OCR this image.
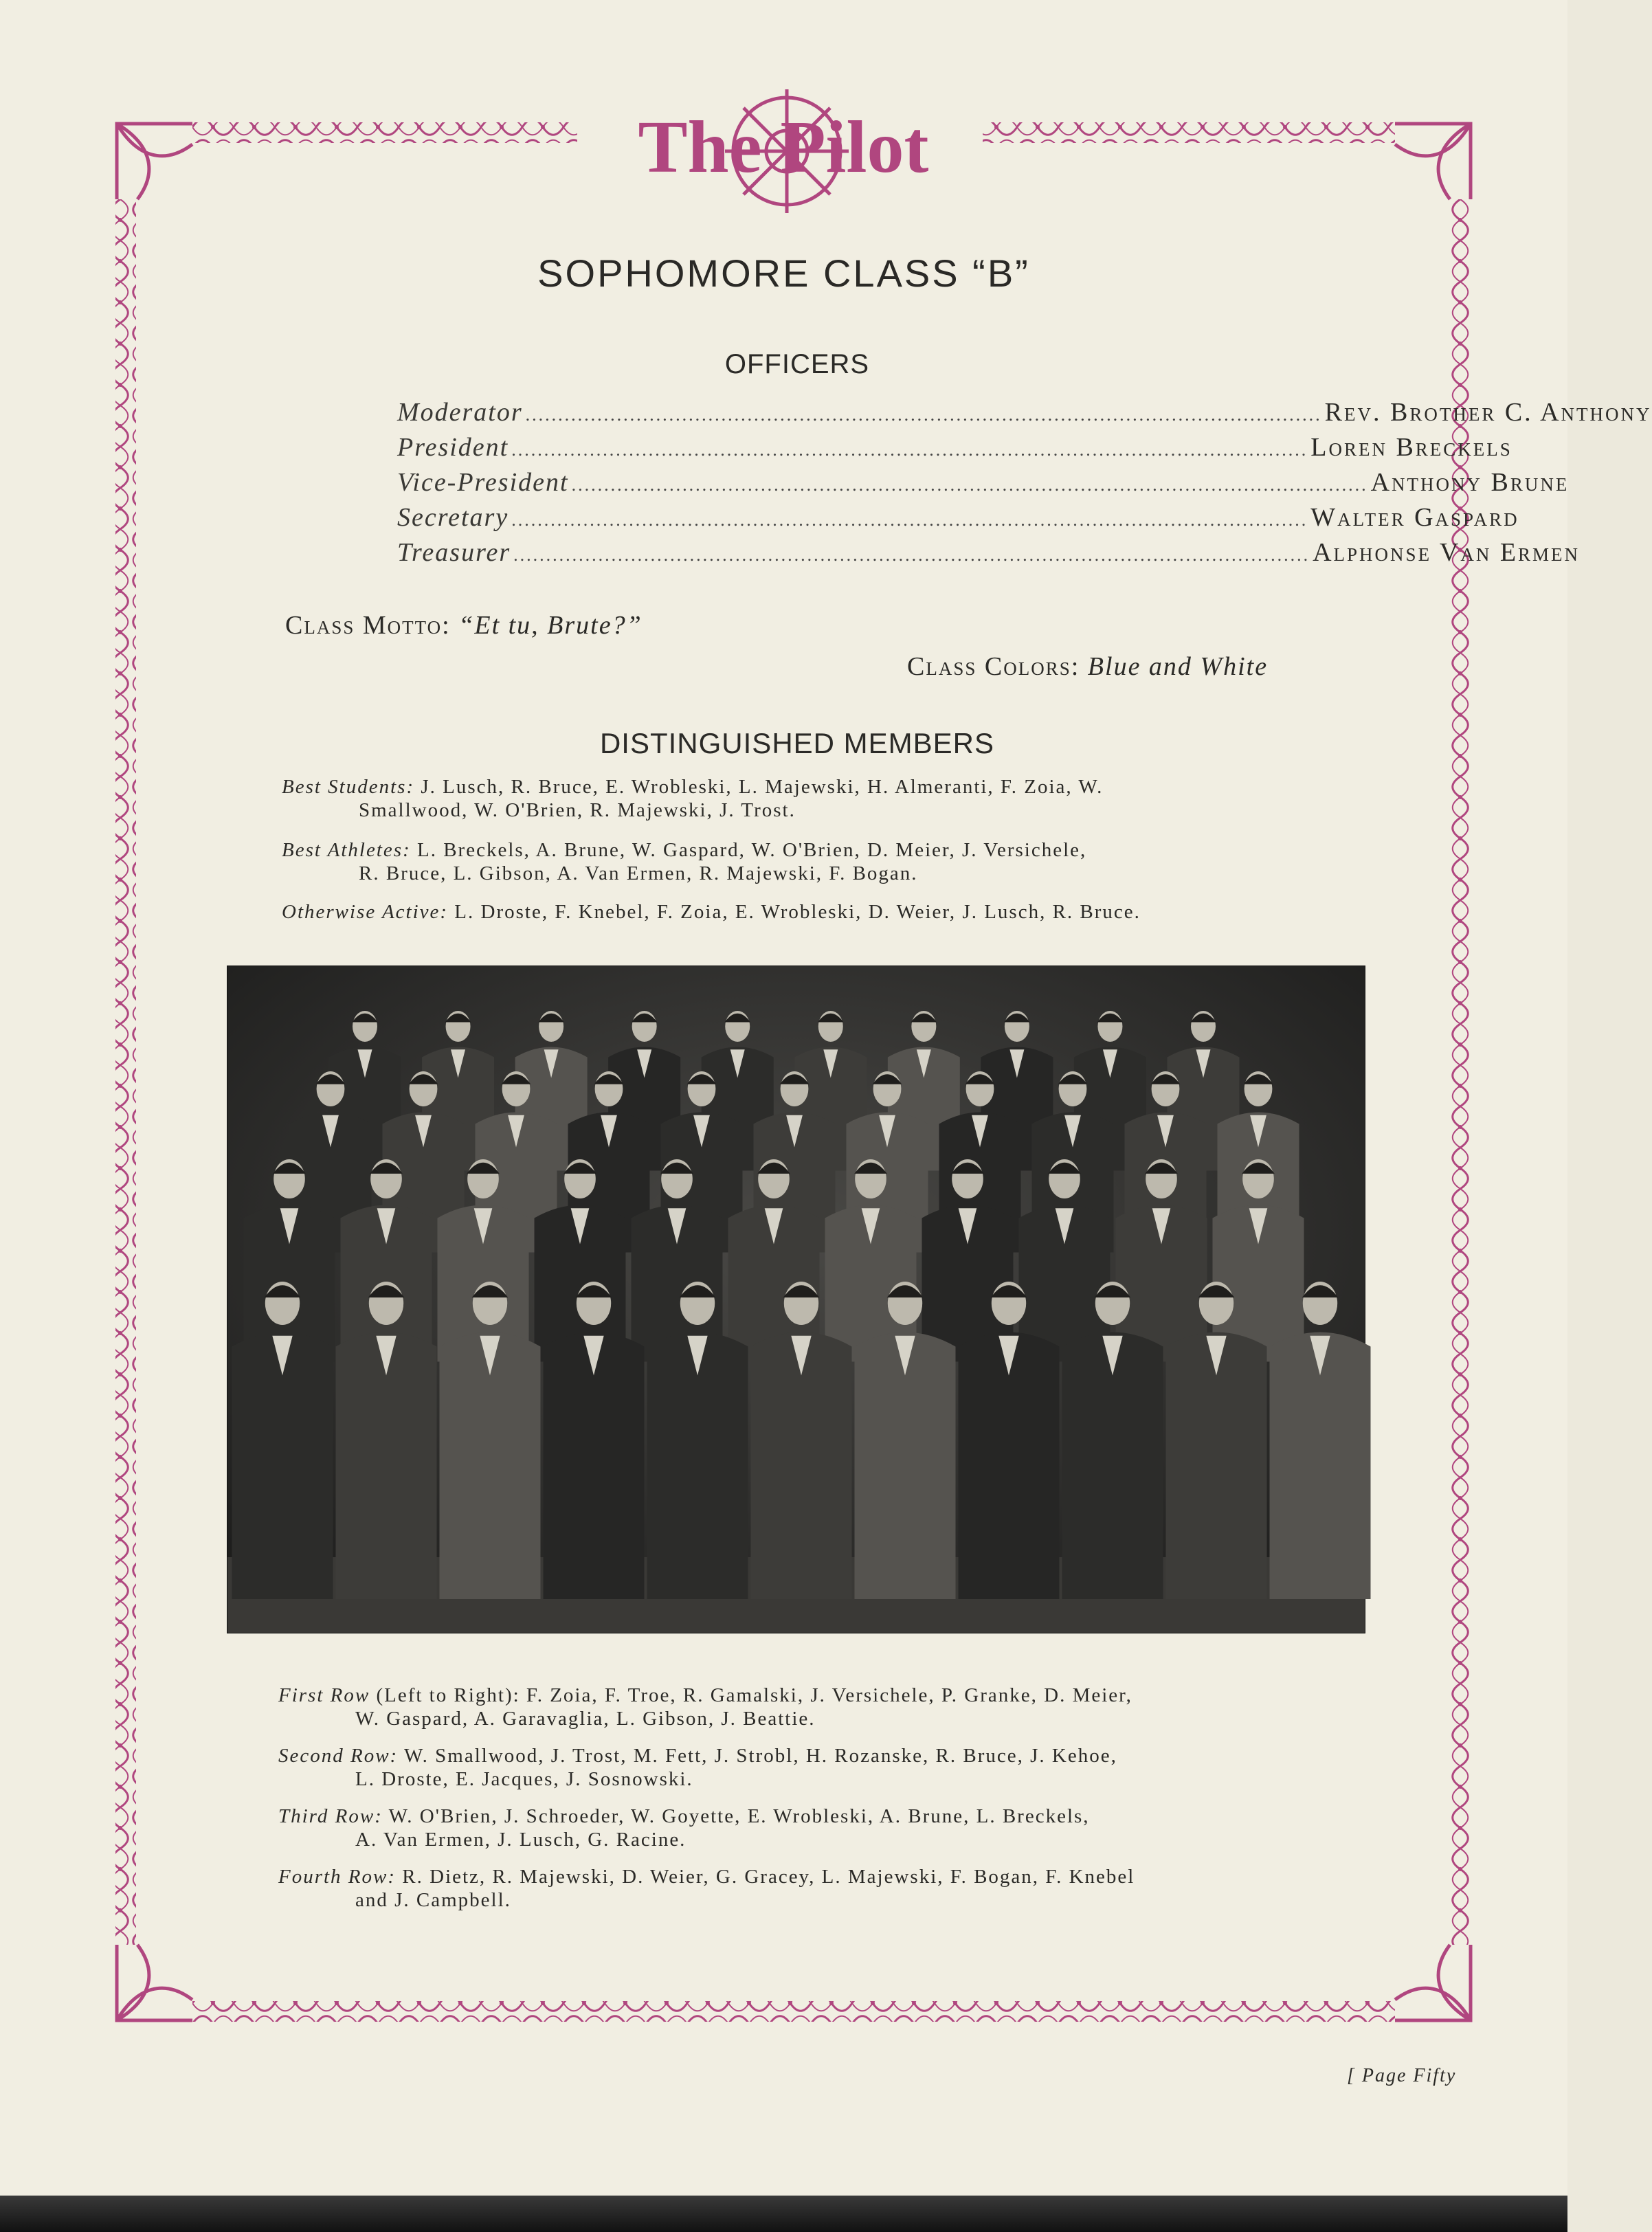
The Pilot
SOPHOMORE CLASS “B”
OFFICERS
Moderator .......................................................................................................................... Rev. Brother C. Anthony
President .......................................................................................................................... Loren Breckels
Vice-President .......................................................................................................................... Anthony Brune
Secretary .......................................................................................................................... Walter Gaspard
Treasurer .......................................................................................................................... Alphonse Van Ermen
Class Motto: “Et tu, Brute?”
Class Colors: Blue and White
DISTINGUISHED MEMBERS
Best Students: J. Lusch, R. Bruce, E. Wrobleski, L. Majewski, H. Almeranti, F. Zoia, W.
Smallwood, W. O'Brien, R. Majewski, J. Trost.
Best Athletes: L. Breckels, A. Brune, W. Gaspard, W. O'Brien, D. Meier, J. Versichele,
R. Bruce, L. Gibson, A. Van Ermen, R. Majewski, F. Bogan.
Otherwise Active: L. Droste, F. Knebel, F. Zoia, E. Wrobleski, D. Weier, J. Lusch, R. Bruce.
First Row (Left to Right): F. Zoia, F. Troe, R. Gamalski, J. Versichele, P. Granke, D. Meier,
W. Gaspard, A. Garavaglia, L. Gibson, J. Beattie.
Second Row: W. Smallwood, J. Trost, M. Fett, J. Strobl, H. Rozanske, R. Bruce, J. Kehoe,
L. Droste, E. Jacques, J. Sosnowski.
Third Row: W. O'Brien, J. Schroeder, W. Goyette, E. Wrobleski, A. Brune, L. Breckels,
A. Van Ermen, J. Lusch, G. Racine.
Fourth Row: R. Dietz, R. Majewski, D. Weier, G. Gracey, L. Majewski, F. Bogan, F. Knebel
and J. Campbell.
[ Page Fifty
